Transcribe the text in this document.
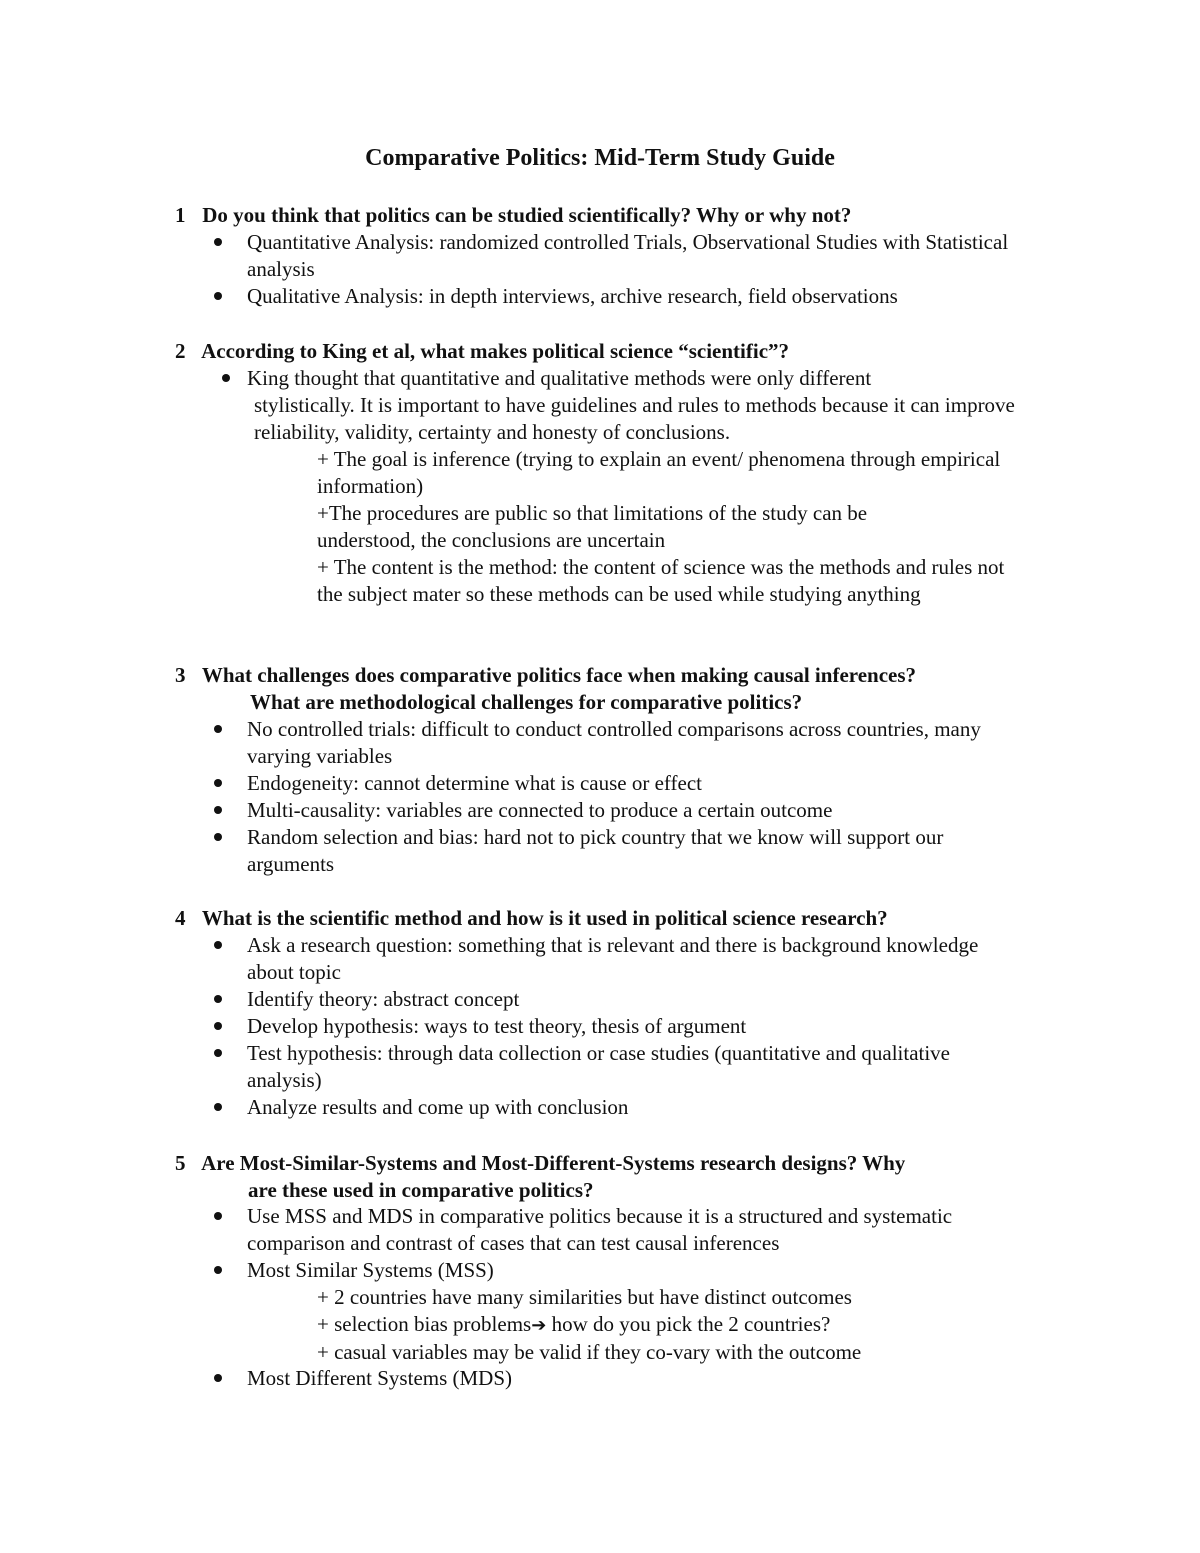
Comparative Politics: Mid-Term Study Guide
1 Do you think that politics can be studied scientifically? Why or why not?
Quantitative Analysis: randomized controlled Trials, Observational Studies with Statistical analysis
Qualitative Analysis: in depth interviews, archive research, field observations
2 According to King et al, what makes political science “scientific”?
King thought that quantitative and qualitative methods were only different
stylistically. It is important to have guidelines and rules to methods because it can improve reliability, validity, certainty and honesty of conclusions.
+ The goal is inference (trying to explain an event/ phenomena through empirical information)
+The procedures are public so that limitations of the study can be understood, the conclusions are uncertain
+ The content is the method: the content of science was the methods and rules not the subject mater so these methods can be used while studying anything
3 What challenges does comparative politics face when making causal inferences?
What are methodological challenges for comparative politics?
No controlled trials: difficult to conduct controlled comparisons across countries, many varying variables
Endogeneity: cannot determine what is cause or effect
Multi-causality: variables are connected to produce a certain outcome
Random selection and bias: hard not to pick country that we know will support our arguments
4 What is the scientific method and how is it used in political science research?
Ask a research question: something that is relevant and there is background knowledge about topic
Identify theory: abstract concept
Develop hypothesis: ways to test theory, thesis of argument
Test hypothesis: through data collection or case studies (quantitative and qualitative analysis)
Analyze results and come up with conclusion
5 Are Most-Similar-Systems and Most-Different-Systems research designs? Why
are these used in comparative politics?
Use MSS and MDS in comparative politics because it is a structured and systematic comparison and contrast of cases that can test causal inferences
Most Similar Systems (MSS)
+ 2 countries have many similarities but have distinct outcomes
+ selection bias problems➔ how do you pick the 2 countries?
+ casual variables may be valid if they co-vary with the outcome
Most Different Systems (MDS)
